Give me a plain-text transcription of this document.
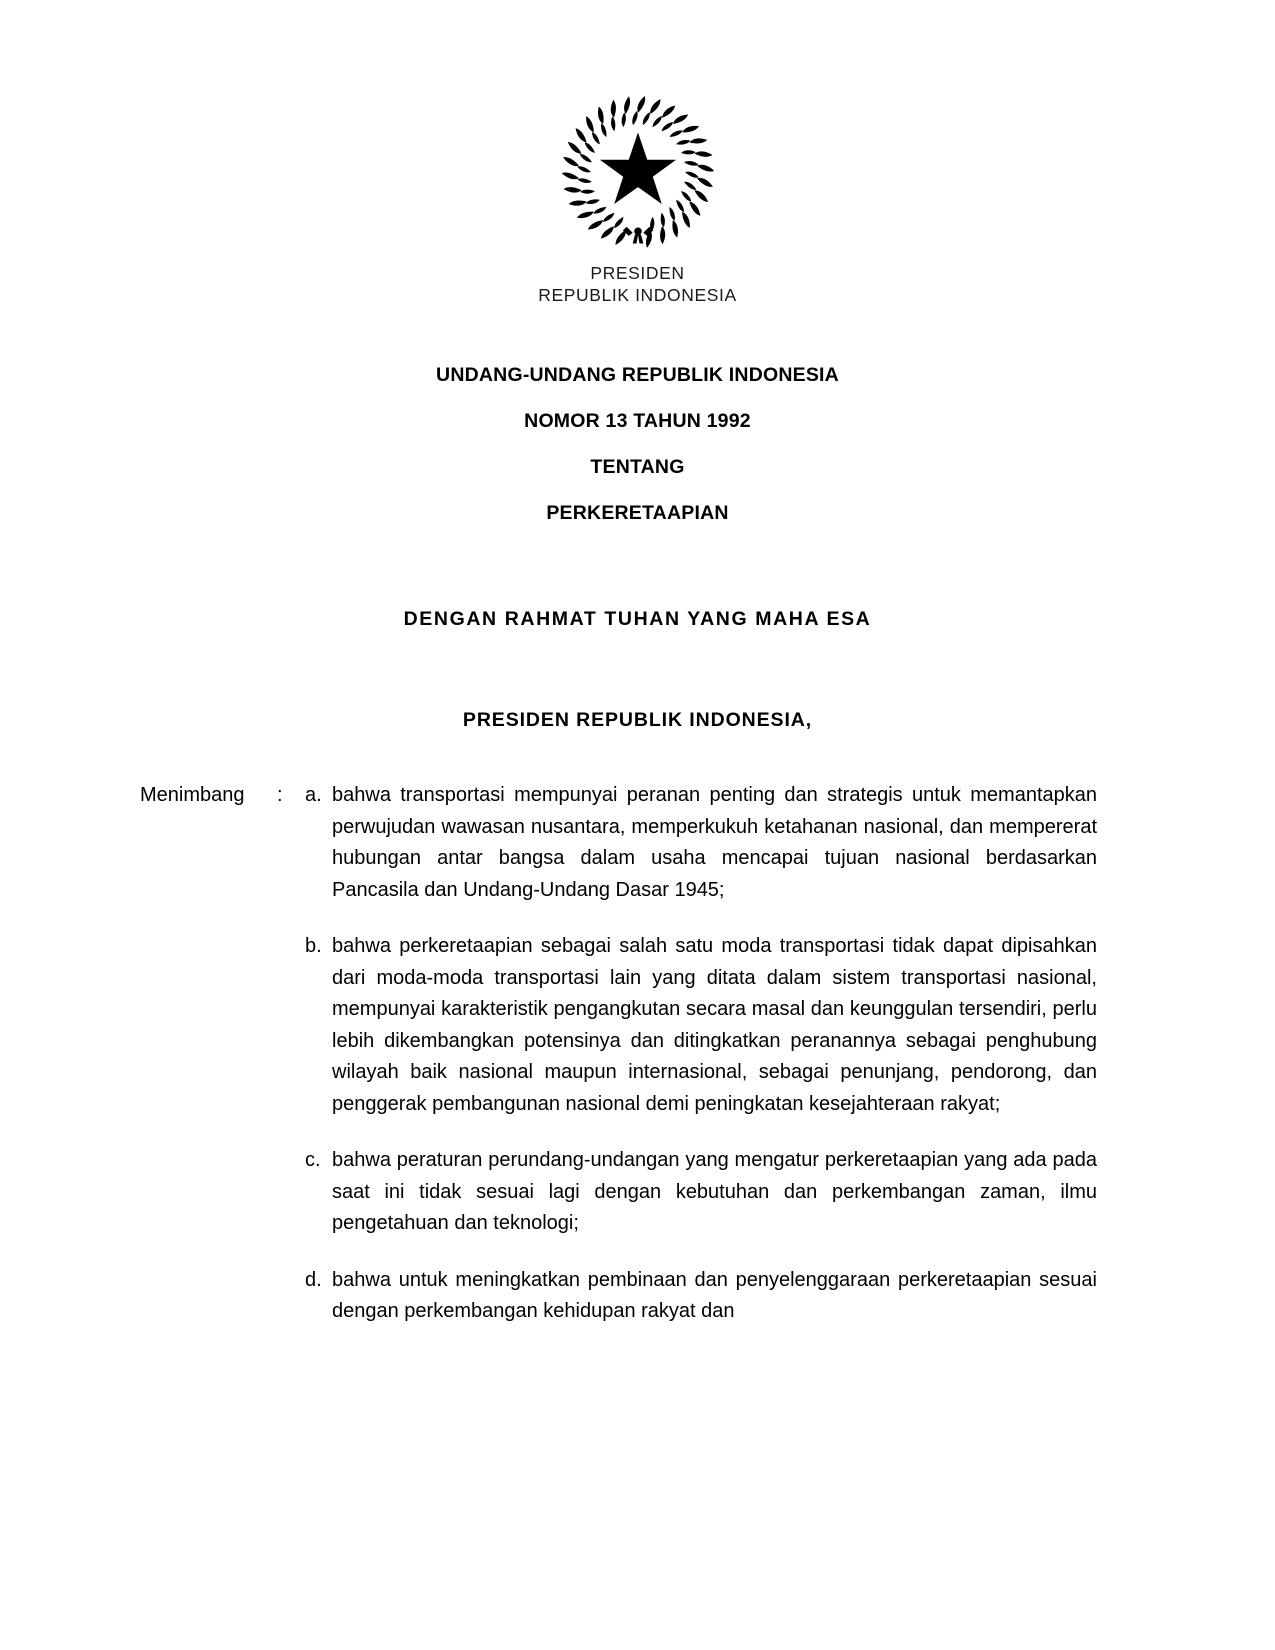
PRESIDEN
REPUBLIK INDONESIA
UNDANG-UNDANG REPUBLIK INDONESIA
NOMOR 13 TAHUN 1992
TENTANG
PERKERETAAPIAN
DENGAN RAHMAT TUHAN YANG MAHA ESA
PRESIDEN REPUBLIK INDONESIA,
Menimbang	:	a. bahwa transportasi mempunyai peranan penting dan strategis untuk memantapkan perwujudan wawasan nusantara, memperkukuh ketahanan nasional, dan mempererat hubungan antar bangsa dalam usaha mencapai tujuan nasional berdasarkan Pancasila dan Undang-Undang Dasar 1945;
b. bahwa perkeretaapian sebagai salah satu moda transportasi tidak dapat dipisahkan dari moda-moda transportasi lain yang ditata dalam sistem transportasi nasional, mempunyai karakteristik pengangkutan secara masal dan keunggulan tersendiri, perlu lebih dikembangkan potensinya dan ditingkatkan peranannya sebagai penghubung wilayah baik nasional maupun internasional, sebagai penunjang, pendorong, dan penggerak pembangunan nasional demi peningkatan kesejahteraan rakyat;
c. bahwa peraturan perundang-undangan yang mengatur perkeretaapian yang ada pada saat ini tidak sesuai lagi dengan kebutuhan dan perkembangan zaman, ilmu pengetahuan dan teknologi;
d. bahwa untuk meningkatkan pembinaan dan penyelenggaraan perkeretaapian sesuai dengan perkembangan kehidupan rakyat dan
